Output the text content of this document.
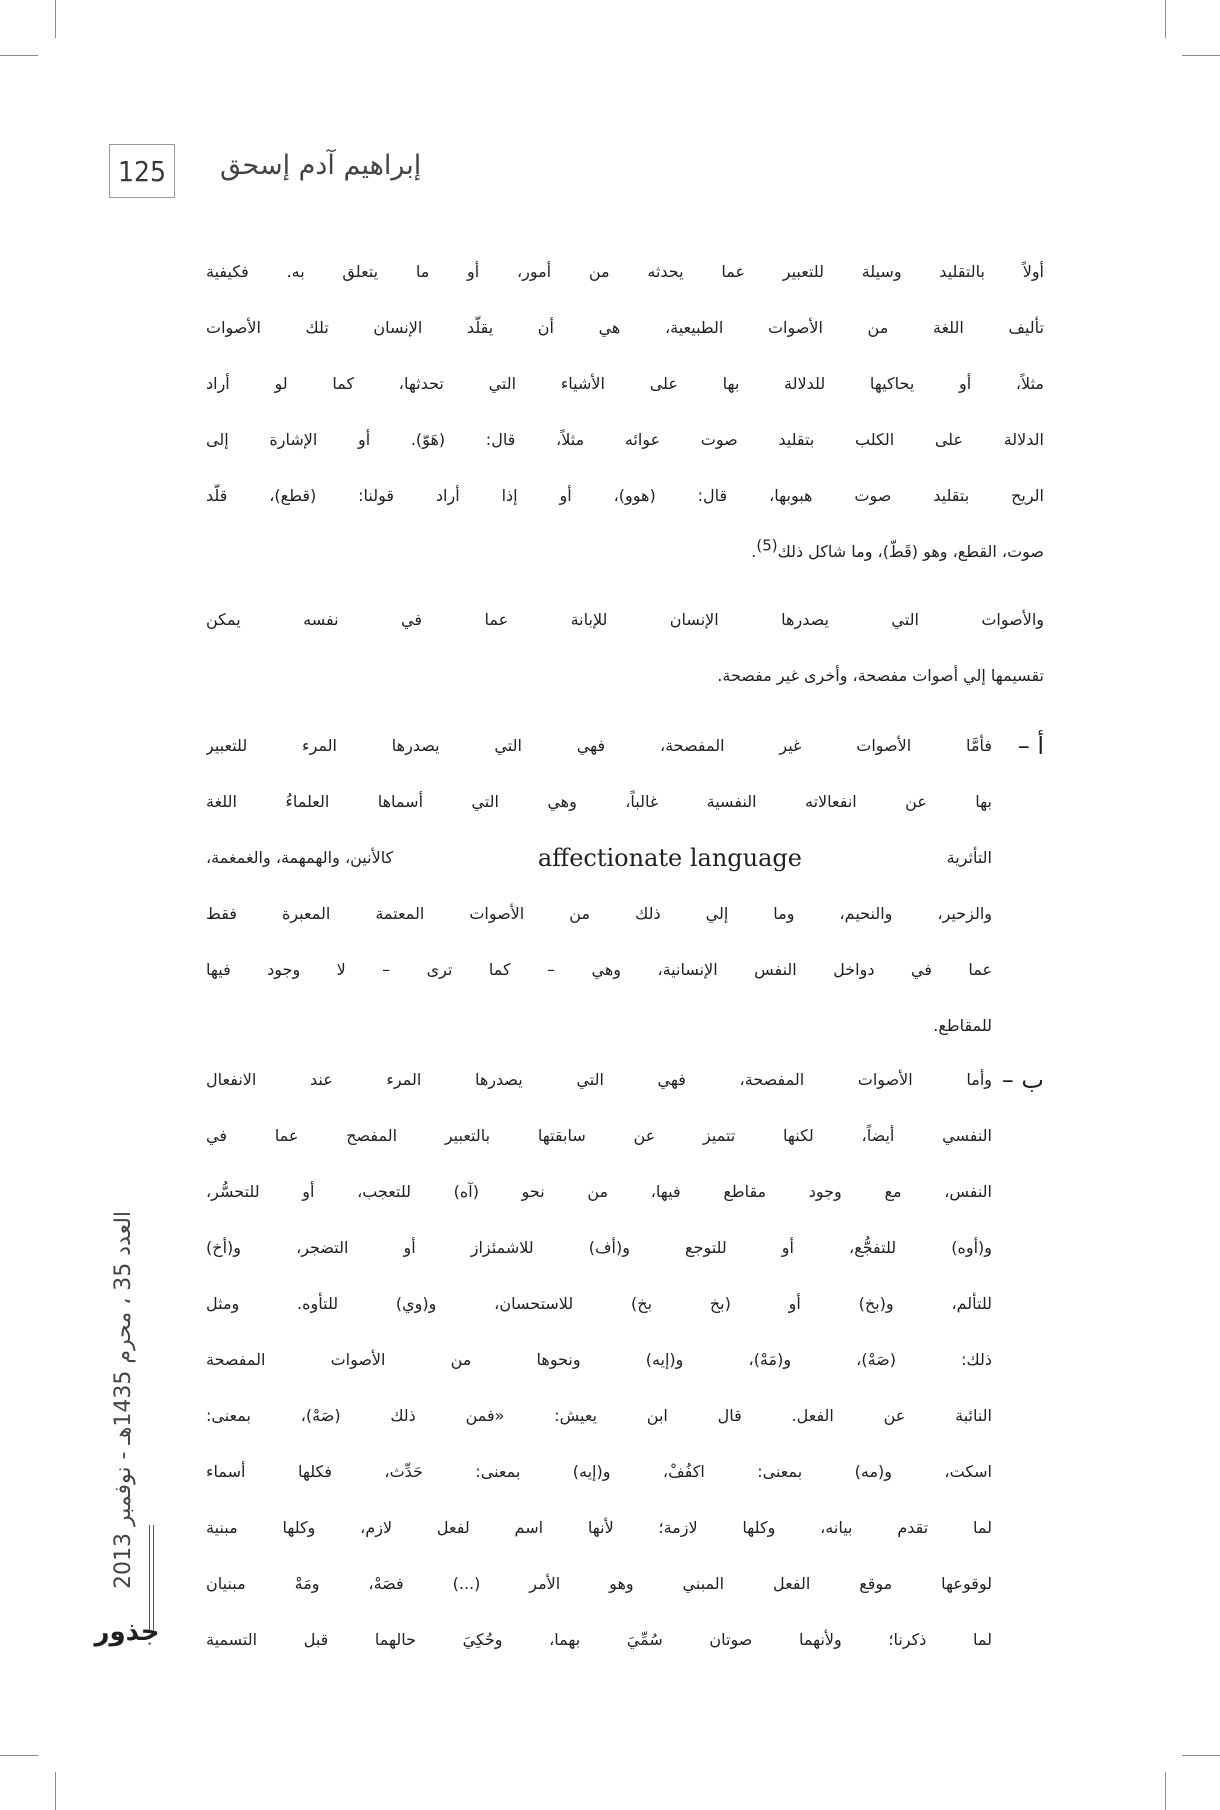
125	إبراهيم آدم إسحق
أولاً بالتقليد وسيلة للتعبير عما يحدثه من أمور، أو ما يتعلق به. فكيفية
تأليف اللغة من الأصوات الطبيعية، هي أن يقلّد الإنسان تلك الأصوات
مثلاً، أو يحاكيها للدلالة بها على الأشياء التي تحدثها، كما لو أراد
الدلالة على الكلب بتقليد صوت عوائه مثلاً، قال: (هَوّ). أو الإشارة إلى
الريح بتقليد صوت هبوبها، قال: (هوو)، أو إذا أراد قولنا: (قطع)، قلّد
صوت، القطع، وهو (قَطّ)، وما شاكل ذلك(5).
والأصوات التي يصدرها الإنسان للإبانة عما في نفسه يمكن
تقسيمها إلي أصوات مفصحة، وأخرى غير مفصحة.
أ –
فأمَّا الأصوات غير المفصحة، فهي التي يصدرها المرء للتعبير
بها عن انفعالاته النفسية غالباً، وهي التي أسماها العلماءُ اللغة
التأثرية
affectionate language
كالأنين، والهمهمة، والغمغمة،
والزحير، والنحيم، وما إلي ذلك من الأصوات المعتمة المعبرة فقط
عما في دواخل النفس الإنسانية، وهي – كما ترى – لا وجود فيها
للمقاطع.
ب –
وأما الأصوات المفصحة، فهي التي يصدرها المرء عند الانفعال
النفسي أيضاً، لكنها تتميز عن سابقتها بالتعبير المفصح عما في
النفس، مع وجود مقاطع فيها، من نحو (آه) للتعجب، أو للتحسُّر،
و(أوه) للتفجُّع، أو للتوجع و(أف) للاشمئزاز أو التضجر، و(أخ)
للتألم، و(بخ) أو (بخ بخ) للاستحسان، و(وي) للتأوه. ومثل
ذلك: (صَهْ)، و(مَهْ)، و(إيه) ونحوها من الأصوات المفصحة
النائبة عن الفعل. قال ابن يعيش: «فمن ذلك (صَهْ)، بمعنى:
اسكت، و(مه) بمعنى: اكفُفْ، و(إيه) بمعنى: حَدِّث، فكلها أسماء
لما تقدم بيانه، وكلها لازمة؛ لأنها اسم لفعل لازم، وكلها مبنية
لوقوعها موقع الفعل المبني وهو الأمر (...) فصَهْ، ومَهْ مبنيان
لما ذكرنا؛ ولأنهما صوتان سُمِّيَ بهما، وحُكِيَ حالهما قبل التسمية
العدد 35 ، محرم 1435هـ - نوفمبر 2013
جذور
